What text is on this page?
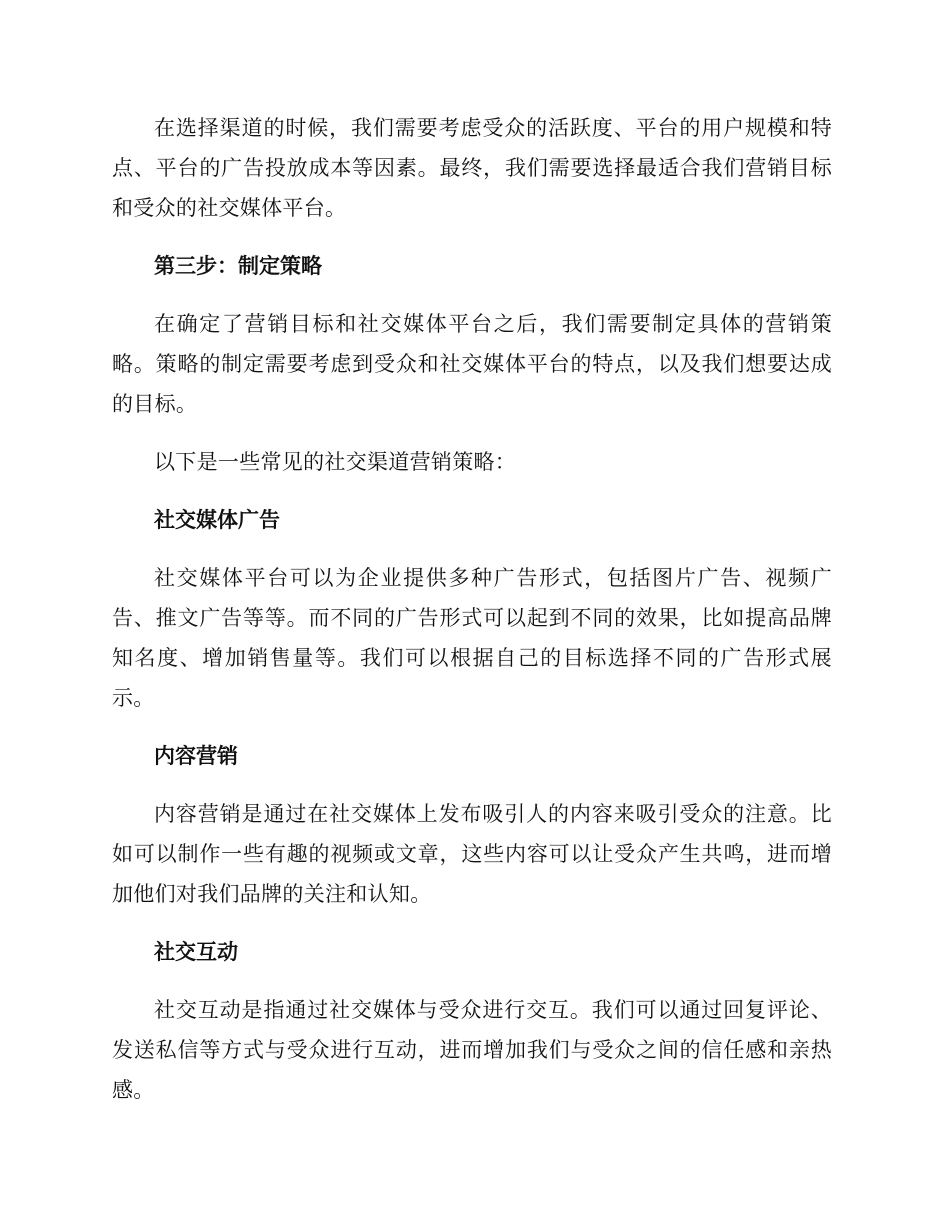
在选择渠道的时候，我们需要考虑受众的活跃度、平台的用户规模和特点、平台的广告投放成本等因素。最终，我们需要选择最适合我们营销目标和受众的社交媒体平台。

第三步：制定策略

在确定了营销目标和社交媒体平台之后，我们需要制定具体的营销策略。策略的制定需要考虑到受众和社交媒体平台的特点，以及我们想要达成的目标。

以下是一些常见的社交渠道营销策略：

社交媒体广告

社交媒体平台可以为企业提供多种广告形式，包括图片广告、视频广告、推文广告等等。而不同的广告形式可以起到不同的效果，比如提高品牌知名度、增加销售量等。我们可以根据自己的目标选择不同的广告形式展示。

内容营销

内容营销是通过在社交媒体上发布吸引人的内容来吸引受众的注意。比如可以制作一些有趣的视频或文章，这些内容可以让受众产生共鸣，进而增加他们对我们品牌的关注和认知。

社交互动

社交互动是指通过社交媒体与受众进行交互。我们可以通过回复评论、发送私信等方式与受众进行互动，进而增加我们与受众之间的信任感和亲热感。
